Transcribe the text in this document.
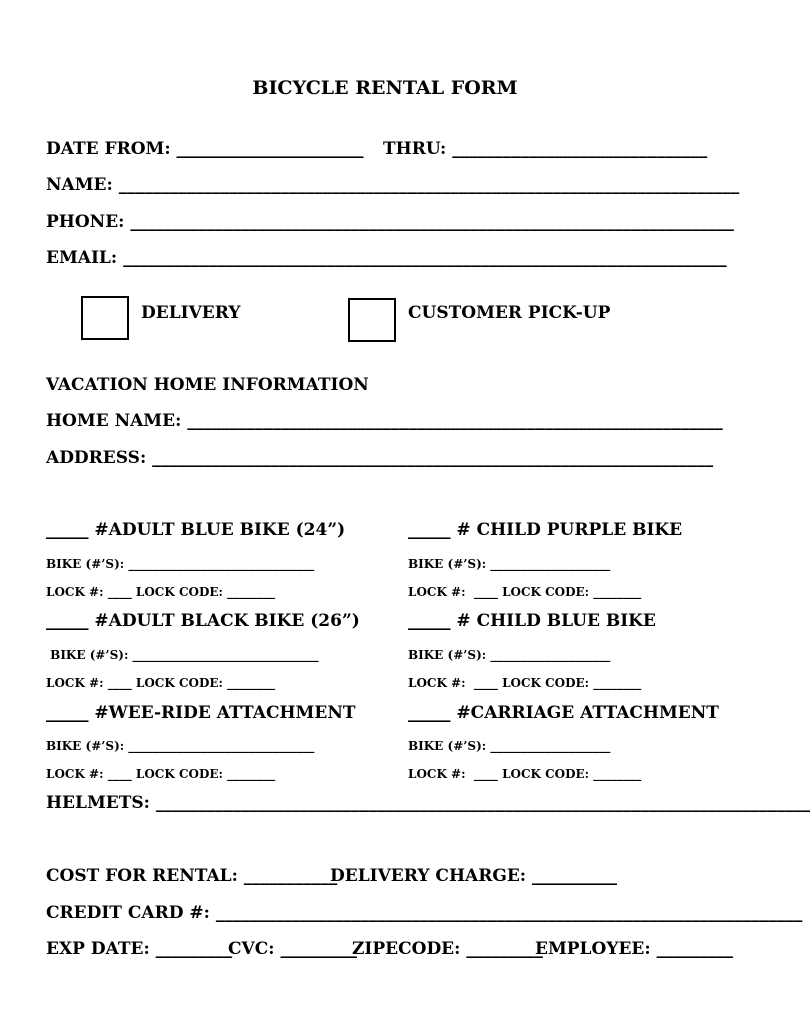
BICYCLE RENTAL FORM
DATE FROM: ______________________ THRU: ______________________________
NAME: _________________________________________________________________________
PHONE: _______________________________________________________________________
EMAIL: _______________________________________________________________________
DELIVERY	CUSTOMER PICK-UP
VACATION HOME INFORMATION
HOME NAME: _______________________________________________________________
ADDRESS: __________________________________________________________________
_____ #ADULT BLUE BIKE (24”)	_____ # CHILD PURPLE BIKE
BIKE (#’S): _______________________________	BIKE (#’S): ____________________
LOCK #: ____ LOCK CODE: ________	LOCK #:  ____ LOCK CODE: ________
_____ #ADULT BLACK BIKE (26”)	_____ # CHILD BLUE BIKE
BIKE (#’S): _______________________________	BIKE (#’S): ____________________
LOCK #: ____ LOCK CODE: ________	LOCK #:  ____ LOCK CODE: ________
_____ #WEE-RIDE ATTACHMENT	_____ #CARRIAGE ATTACHMENT
BIKE (#’S): _______________________________	BIKE (#’S): ____________________
LOCK #: ____ LOCK CODE: ________	LOCK #:  ____ LOCK CODE: ________
HELMETS: _____________________________________________________________________________
COST FOR RENTAL: ___________
DELIVERY CHARGE: __________
CREDIT CARD #: _____________________________________________________________________
EXP DATE: _________
CVC: _________
ZIPECODE: _________
EMPLOYEE: _________
